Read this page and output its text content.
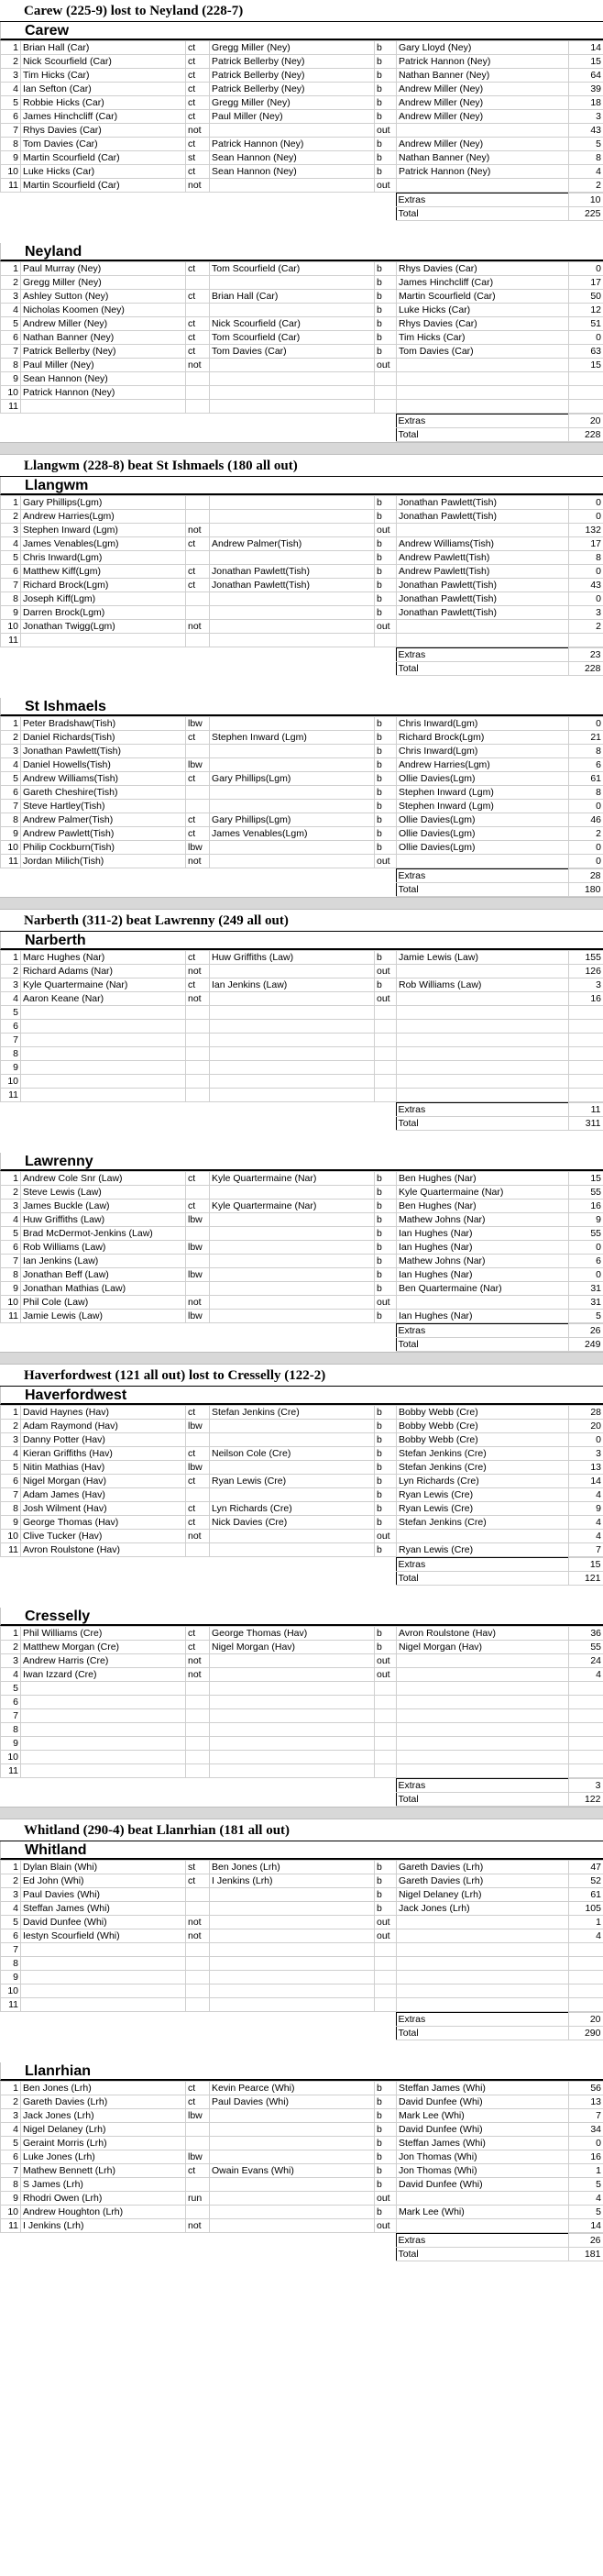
Carew (225-9) lost to Neyland (228-7)
Carew
1	Brian Hall (Car)	ct	Gregg Miller (Ney)	b	Gary Lloyd (Ney)	14
2	Nick Scourfield (Car)	ct	Patrick Bellerby (Ney)	b	Patrick Hannon (Ney)	15
3	Tim Hicks (Car)	ct	Patrick Bellerby (Ney)	b	Nathan Banner (Ney)	64
4	Ian Sefton (Car)	ct	Patrick Bellerby (Ney)	b	Andrew Miller (Ney)	39
5	Robbie Hicks (Car)	ct	Gregg Miller (Ney)	b	Andrew Miller (Ney)	18
6	James Hinchcliff (Car)	ct	Paul Miller (Ney)	b	Andrew Miller (Ney)	3
7	Rhys Davies (Car)	not		out		43
8	Tom Davies (Car)	ct	Patrick Hannon (Ney)	b	Andrew Miller (Ney)	5
9	Martin Scourfield (Car)	st	Sean Hannon (Ney)	b	Nathan Banner (Ney)	8
10	Luke Hicks (Car)	ct	Sean Hannon (Ney)	b	Patrick Hannon (Ney)	4
11	Martin Scourfield (Car)	not		out		2
	Extras	10
	Total	225
Neyland
1	Paul Murray (Ney)	ct	Tom Scourfield (Car)	b	Rhys Davies (Car)	0
2	Gregg Miller (Ney)			b	James Hinchcliff (Car)	17
3	Ashley Sutton (Ney)	ct	Brian Hall (Car)	b	Martin Scourfield (Car)	50
4	Nicholas Koomen (Ney)			b	Luke Hicks (Car)	12
5	Andrew Miller (Ney)	ct	Nick Scourfield (Car)	b	Rhys Davies (Car)	51
6	Nathan Banner (Ney)	ct	Tom Scourfield (Car)	b	Tim Hicks (Car)	0
7	Patrick Bellerby (Ney)	ct	Tom Davies (Car)	b	Tom Davies (Car)	63
8	Paul Miller (Ney)	not		out		15
9	Sean Hannon (Ney)					
10	Patrick Hannon (Ney)					
11						
	Extras	20
	Total	228
Llangwm (228-8) beat St Ishmaels (180 all out)
Llangwm
1	Gary Phillips(Lgm)			b	Jonathan Pawlett(Tish)	0
2	Andrew Harries(Lgm)			b	Jonathan Pawlett(Tish)	0
3	Stephen Inward (Lgm)	not		out		132
4	James Venables(Lgm)	ct	Andrew Palmer(Tish)	b	Andrew Williams(Tish)	17
5	Chris Inward(Lgm)			b	Andrew Pawlett(Tish)	8
6	Matthew Kiff(Lgm)	ct	Jonathan Pawlett(Tish)	b	Andrew Pawlett(Tish)	0
7	Richard Brock(Lgm)	ct	Jonathan Pawlett(Tish)	b	Jonathan Pawlett(Tish)	43
8	Joseph Kiff(Lgm)			b	Jonathan Pawlett(Tish)	0
9	Darren Brock(Lgm)			b	Jonathan Pawlett(Tish)	3
10	Jonathan Twigg(Lgm)	not		out		2
11						
	Extras	23
	Total	228
St Ishmaels
1	Peter Bradshaw(Tish)	lbw		b	Chris Inward(Lgm)	0
2	Daniel Richards(Tish)	ct	Stephen Inward (Lgm)	b	Richard Brock(Lgm)	21
3	Jonathan Pawlett(Tish)			b	Chris Inward(Lgm)	8
4	Daniel Howells(Tish)	lbw		b	Andrew Harries(Lgm)	6
5	Andrew Williams(Tish)	ct	Gary Phillips(Lgm)	b	Ollie Davies(Lgm)	61
6	Gareth Cheshire(Tish)			b	Stephen Inward (Lgm)	8
7	Steve Hartley(Tish)			b	Stephen Inward (Lgm)	0
8	Andrew Palmer(Tish)	ct	Gary Phillips(Lgm)	b	Ollie Davies(Lgm)	46
9	Andrew Pawlett(Tish)	ct	James Venables(Lgm)	b	Ollie Davies(Lgm)	2
10	Philip Cockburn(Tish)	lbw		b	Ollie Davies(Lgm)	0
11	Jordan Milich(Tish)	not		out		0
	Extras	28
	Total	180
Narberth (311-2) beat Lawrenny (249 all out)
Narberth
1	Marc Hughes (Nar)	ct	Huw Griffiths (Law)	b	Jamie Lewis (Law)	155
2	Richard Adams (Nar)	not		out		126
3	Kyle Quartermaine (Nar)	ct	Ian Jenkins (Law)	b	Rob Williams (Law)	3
4	Aaron Keane (Nar)	not		out		16
5						
6						
7						
8						
9						
10						
11						
	Extras	11
	Total	311
Lawrenny
1	Andrew Cole Snr (Law)	ct	Kyle Quartermaine (Nar)	b	Ben Hughes (Nar)	15
2	Steve Lewis (Law)			b	Kyle Quartermaine (Nar)	55
3	James Buckle (Law)	ct	Kyle Quartermaine (Nar)	b	Ben Hughes (Nar)	16
4	Huw Griffiths (Law)	lbw		b	Mathew Johns (Nar)	9
5	Brad McDermot-Jenkins (Law)			b	Ian Hughes (Nar)	55
6	Rob Williams (Law)	lbw		b	Ian Hughes (Nar)	0
7	Ian Jenkins (Law)			b	Mathew Johns (Nar)	6
8	Jonathan Beff (Law)	lbw		b	Ian Hughes (Nar)	0
9	Jonathan Mathias (Law)			b	Ben Quartermaine (Nar)	31
10	Phil Cole (Law)	not		out		31
11	Jamie Lewis (Law)	lbw		b	Ian Hughes (Nar)	5
	Extras	26
	Total	249
Haverfordwest (121 all out) lost to Cresselly (122-2)
Haverfordwest
1	David Haynes (Hav)	ct	Stefan Jenkins (Cre)	b	Bobby Webb (Cre)	28
2	Adam Raymond (Hav)	lbw		b	Bobby Webb (Cre)	20
3	Danny Potter (Hav)			b	Bobby Webb (Cre)	0
4	Kieran Griffiths (Hav)	ct	Neilson Cole (Cre)	b	Stefan Jenkins (Cre)	3
5	Nitin Mathias (Hav)	lbw		b	Stefan Jenkins (Cre)	13
6	Nigel Morgan (Hav)	ct	Ryan Lewis (Cre)	b	Lyn Richards (Cre)	14
7	Adam James (Hav)			b	Ryan Lewis (Cre)	4
8	Josh Wilment (Hav)	ct	Lyn Richards (Cre)	b	Ryan Lewis (Cre)	9
9	George Thomas (Hav)	ct	Nick Davies (Cre)	b	Stefan Jenkins (Cre)	4
10	Clive Tucker (Hav)	not		out		4
11	Avron Roulstone (Hav)			b	Ryan Lewis (Cre)	7
	Extras	15
	Total	121
Cresselly
1	Phil Williams (Cre)	ct	George Thomas (Hav)	b	Avron Roulstone (Hav)	36
2	Matthew Morgan (Cre)	ct	Nigel Morgan (Hav)	b	Nigel Morgan (Hav)	55
3	Andrew Harris (Cre)	not		out		24
4	Iwan Izzard (Cre)	not		out		4
5						
6						
7						
8						
9						
10						
11						
	Extras	3
	Total	122
Whitland (290-4) beat Llanrhian (181 all out)
Whitland
1	Dylan Blain (Whi)	st	Ben Jones (Lrh)	b	Gareth Davies (Lrh)	47
2	Ed John (Whi)	ct	I Jenkins (Lrh)	b	Gareth Davies (Lrh)	52
3	Paul Davies (Whi)			b	Nigel Delaney (Lrh)	61
4	Steffan James (Whi)			b	Jack Jones (Lrh)	105
5	David Dunfee (Whi)	not		out		1
6	Iestyn Scourfield (Whi)	not		out		4
7						
8						
9						
10						
11						
	Extras	20
	Total	290
Llanrhian
1	Ben Jones (Lrh)	ct	Kevin Pearce (Whi)	b	Steffan James (Whi)	56
2	Gareth Davies (Lrh)	ct	Paul Davies (Whi)	b	David Dunfee (Whi)	13
3	Jack Jones (Lrh)	lbw		b	Mark Lee (Whi)	7
4	Nigel Delaney (Lrh)			b	David Dunfee (Whi)	34
5	Geraint Morris (Lrh)			b	Steffan James (Whi)	0
6	Luke Jones (Lrh)	lbw		b	Jon Thomas (Whi)	16
7	Mathew Bennett (Lrh)	ct	Owain Evans (Whi)	b	Jon Thomas (Whi)	1
8	S James (Lrh)			b	David Dunfee (Whi)	5
9	Rhodri Owen (Lrh)	run		out		4
10	Andrew Houghton (Lrh)			b	Mark Lee (Whi)	5
11	I Jenkins (Lrh)	not		out		14
	Extras	26
	Total	181
